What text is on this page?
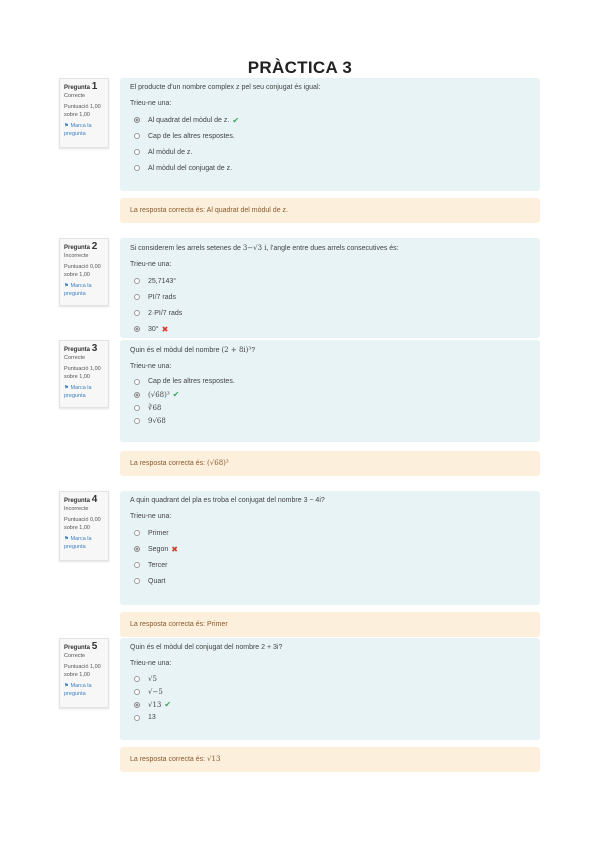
PRÀCTICA 3
Pregunta 1
Correcte
Puntuació 1,00 sobre 1,00
⚑ Marca la pregunta
El producte d'un nombre complex z pel seu conjugat és igual:
Trieu-ne una:
Al quadrat del mòdul de z. ✔
Cap de les altres respostes.
Al mòdul de z.
Al mòdul del conjugat de z.
La resposta correcta és: Al quadrat del mòdul de z.
Pregunta 2
Incorrecte
Puntuació 0,00 sobre 1,00
⚑ Marca la pregunta
Si considerem les arrels setenes de 3−√3 i, l'angle entre dues arrels consecutives és:
Trieu-ne una:
25,7143°
PI/7 rads
2·PI/7 rads
30° ✖
Pregunta 3
Correcte
Puntuació 1,00 sobre 1,00
⚑ Marca la pregunta
Quin és el mòdul del nombre (2 + 8i)³?
Trieu-ne una:
Cap de les altres respostes.
(√68)³ ✔
∛68
9√68
La resposta correcta és: (√68)³
Pregunta 4
Incorrecte
Puntuació 0,00 sobre 1,00
⚑ Marca la pregunta
A quin quadrant del pla es troba el conjugat del nombre 3 − 4i?
Trieu-ne una:
Primer
Segon ✖
Tercer
Quart
La resposta correcta és: Primer
Pregunta 5
Correcte
Puntuació 1,00 sobre 1,00
⚑ Marca la pregunta
Quin és el mòdul del conjugat del nombre 2 + 3i?
Trieu-ne una:
√5
√−5
√13 ✔
13
La resposta correcta és: √13
